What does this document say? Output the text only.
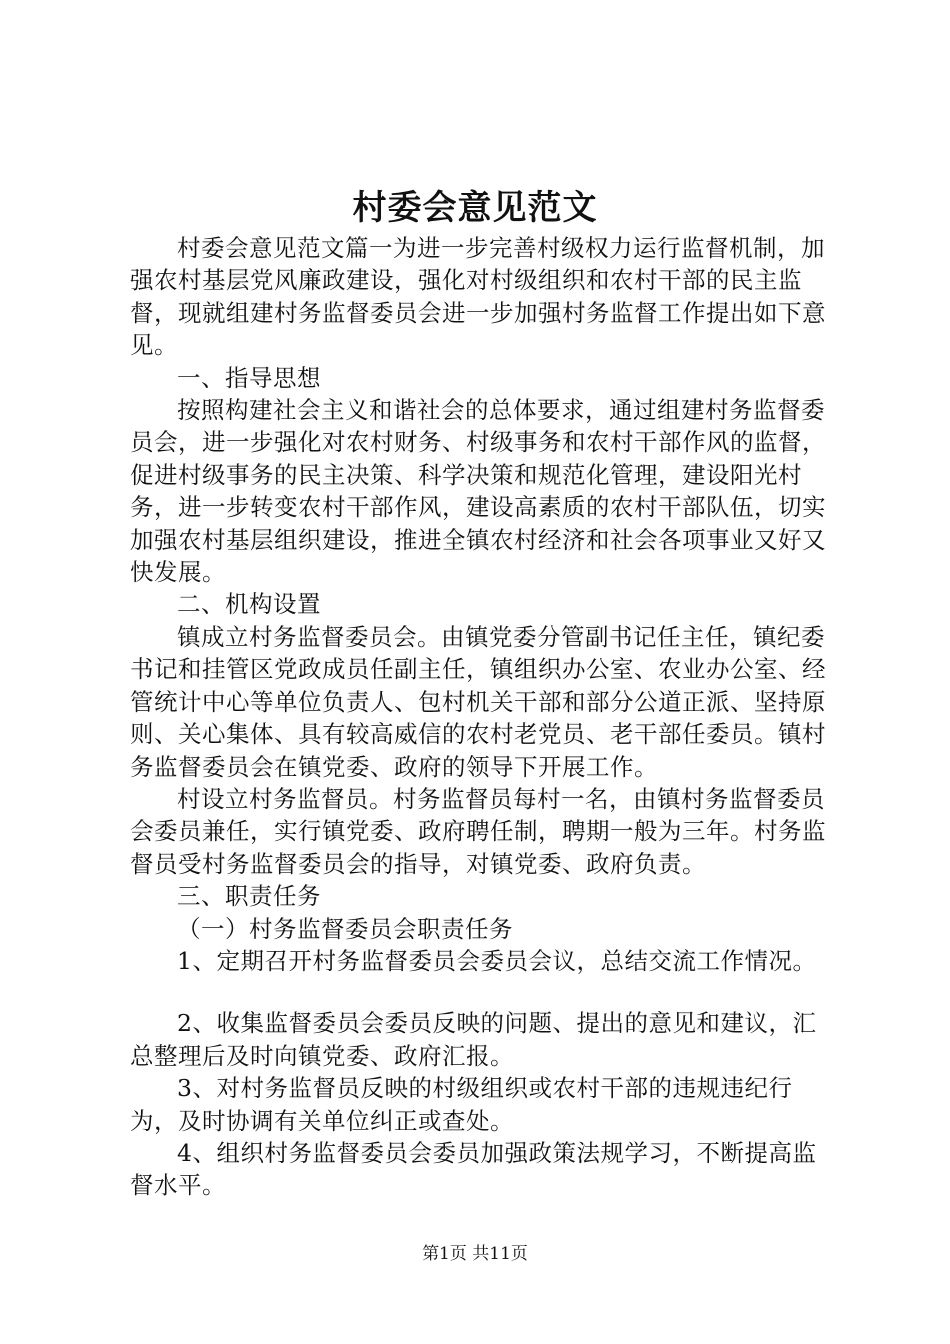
村委会意见范文

村委会意见范文篇一为进一步完善村级权力运行监督机制，加强农村基层党风廉政建设，强化对村级组织和农村干部的民主监督，现就组建村务监督委员会进一步加强村务监督工作提出如下意见。

一、指导思想

按照构建社会主义和谐社会的总体要求，通过组建村务监督委员会，进一步强化对农村财务、村级事务和农村干部作风的监督，促进村级事务的民主决策、科学决策和规范化管理，建设阳光村务，进一步转变农村干部作风，建设高素质的农村干部队伍，切实加强农村基层组织建设，推进全镇农村经济和社会各项事业又好又快发展。

二、机构设置

镇成立村务监督委员会。由镇党委分管副书记任主任，镇纪委书记和挂管区党政成员任副主任，镇组织办公室、农业办公室、经管统计中心等单位负责人、包村机关干部和部分公道正派、坚持原则、关心集体、具有较高威信的农村老党员、老干部任委员。镇村务监督委员会在镇党委、政府的领导下开展工作。

村设立村务监督员。村务监督员每村一名，由镇村务监督委员会委员兼任，实行镇党委、政府聘任制，聘期一般为三年。村务监督员受村务监督委员会的指导，对镇党委、政府负责。

三、职责任务

（一）村务监督委员会职责任务

1、定期召开村务监督委员会委员会议，总结交流工作情况。

2、收集监督委员会委员反映的问题、提出的意见和建议，汇总整理后及时向镇党委、政府汇报。

3、对村务监督员反映的村级组织或农村干部的违规违纪行为，及时协调有关单位纠正或查处。

4、组织村务监督委员会委员加强政策法规学习，不断提高监督水平。

第1页 共11页
